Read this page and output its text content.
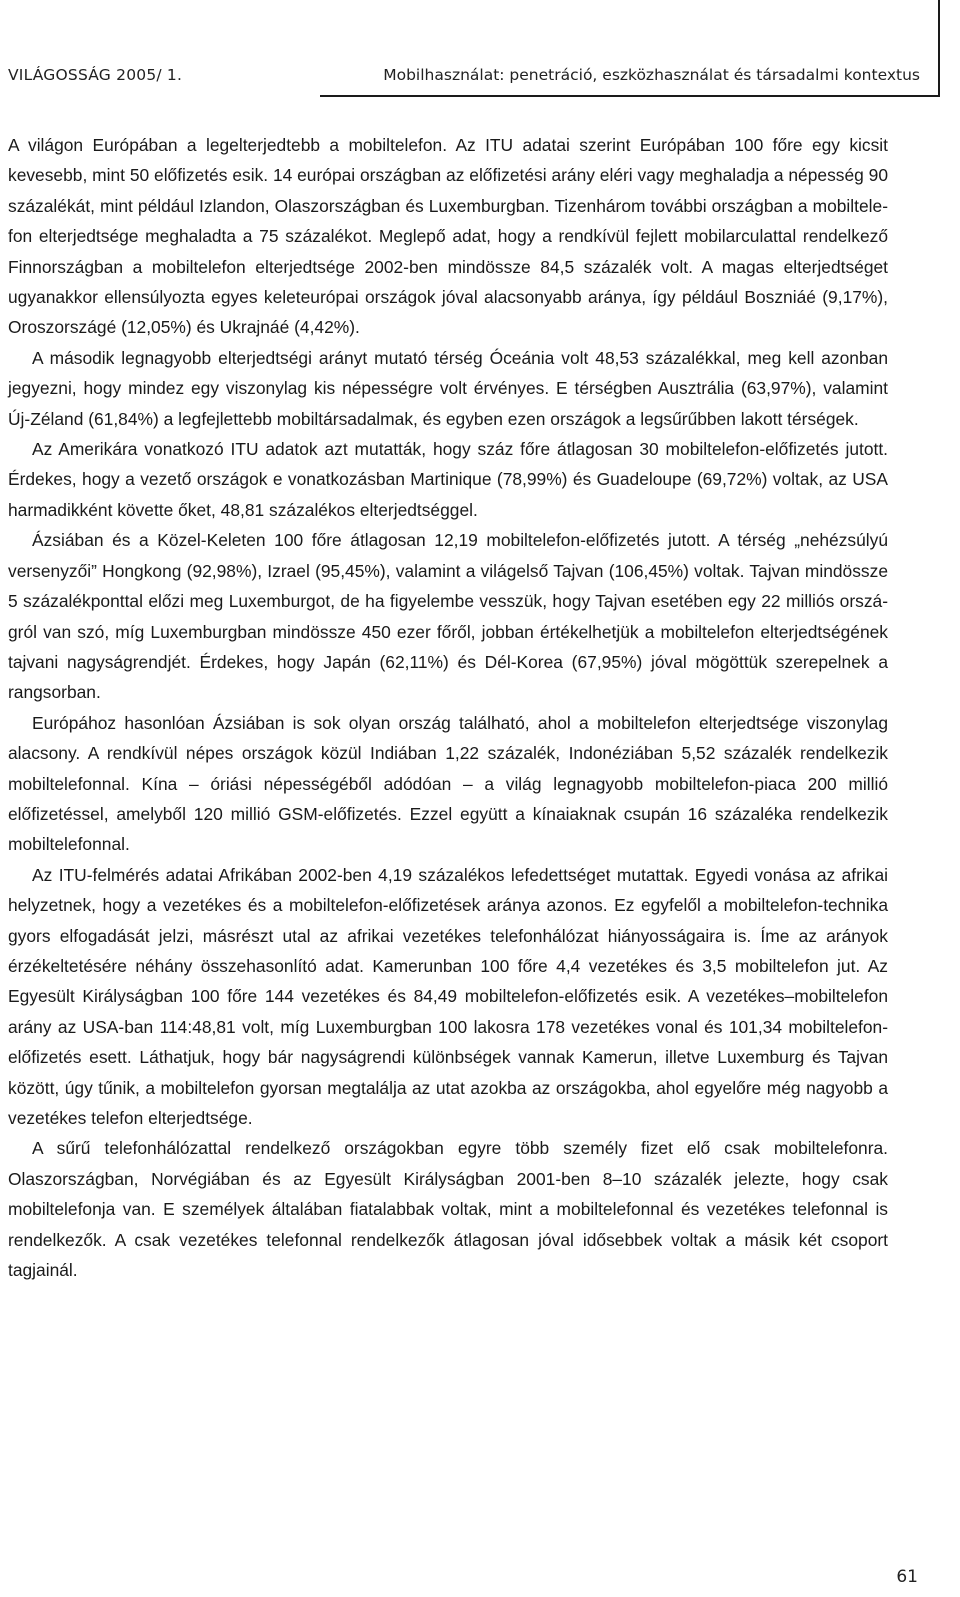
VILÁGOSSÁG 2005/ 1.	Mobilhasználat: penetráció, eszközhasználat és társadalmi kontextus

A világon Európában a legelterjedtebb a mobiltelefon. Az ITU adatai szerint Európában 100 főre egy kicsit kevesebb, mint 50 előfizetés esik. 14 európai országban az előfizetési arány eléri vagy meghaladja a népesség 90 százalékát, mint például Izlandon, Olaszországban és Luxemburgban. Tizenhárom további országban a mobiltelefon elterjedtsége meghaladta a 75 százalékot. Meglepő adat, hogy a rendkívül fejlett mobilarculattal rendelkező Finnországban a mobiltelefon elterjedtsége 2002-ben mindössze 84,5 százalék volt. A magas elterjedtséget ugyanakkor ellensúlyozta egyes keleteurópai országok jóval alacsonyabb aránya, így például Boszniáé (9,17%), Oroszországé (12,05%) és Ukrajnáé (4,42%).

A második legnagyobb elterjedtségi arányt mutató térség Óceánia volt 48,53 százalékkal, meg kell azonban jegyezni, hogy mindez egy viszonylag kis népességre volt érvényes. E térségben Ausztrália (63,97%), valamint Új-Zéland (61,84%) a legfejlettebb mobiltársadalmak, és egyben ezen országok a legsűrűbben lakott térségek.

Az Amerikára vonatkozó ITU adatok azt mutatták, hogy száz főre átlagosan 30 mobiltelefon-előfizetés jutott. Érdekes, hogy a vezető országok e vonatkozásban Martinique (78,99%) és Guadeloupe (69,72%) voltak, az USA harmadikként követte őket, 48,81 százalékos elterjedtséggel.

Ázsiában és a Közel-Keleten 100 főre átlagosan 12,19 mobiltelefon-előfizetés jutott. A térség „nehézsúlyú versenyzői” Hongkong (92,98%), Izrael (95,45%), valamint a világelső Tajvan (106,45%) voltak. Tajvan mindössze 5 százalékponttal előzi meg Luxemburgot, de ha figyelembe vesszük, hogy Tajvan esetében egy 22 milliós országról van szó, míg Luxemburgban mindössze 450 ezer főről, jobban értékelhetjük a mobiltelefon elterjedtségének tajvani nagyságrendjét. Érdekes, hogy Japán (62,11%) és Dél-Korea (67,95%) jóval mögöttük szerepelnek a rangsorban.

Európához hasonlóan Ázsiában is sok olyan ország található, ahol a mobiltelefon elterjedtsége viszonylag alacsony. A rendkívül népes országok közül Indiában 1,22 százalék, Indonéziában 5,52 százalék rendelkezik mobiltelefonnal. Kína – óriási népességéből adódóan – a világ legnagyobb mobiltelefon-piaca 200 millió előfizetéssel, amelyből 120 millió GSM-előfizetés. Ezzel együtt a kínaiaknak csupán 16 százaléka rendelkezik mobiltelefonnal.

Az ITU-felmérés adatai Afrikában 2002-ben 4,19 százalékos lefedettséget mutattak. Egyedi vonása az afrikai helyzetnek, hogy a vezetékes és a mobiltelefon-előfizetések aránya azonos. Ez egyfelől a mobiltelefon-technika gyors elfogadását jelzi, másrészt utal az afrikai vezetékes telefonhálózat hiányosságaira is. Íme az arányok érzékeltetésére néhány összehasonlító adat. Kamerunban 100 főre 4,4 vezetékes és 3,5 mobiltelefon jut. Az Egyesült Királyságban 100 főre 144 vezetékes és 84,49 mobiltelefon-előfizetés esik. A vezetékes–mobiltelefon arány az USA-ban 114:48,81 volt, míg Luxemburgban 100 lakosra 178 vezetékes vonal és 101,34 mobiltelefon-előfizetés esett. Láthatjuk, hogy bár nagyságrendi különbségek vannak Kamerun, illetve Luxemburg és Tajvan között, úgy tűnik, a mobiltelefon gyorsan megtalálja az utat azokba az országokba, ahol egyelőre még nagyobb a vezetékes telefon elterjedtsége.

A sűrű telefonhálózattal rendelkező országokban egyre több személy fizet elő csak mobiltelefonra. Olaszországban, Norvégiában és az Egyesült Királyságban 2001-ben 8–10 százalék jelezte, hogy csak mobiltelefonja van. E személyek általában fiatalabbak voltak, mint a mobiltelefonnal és vezetékes telefonnal is rendelkezők. A csak vezetékes telefonnal rendelkezők átlagosan jóval idősebbek voltak a másik két csoport tagjainál.

61
